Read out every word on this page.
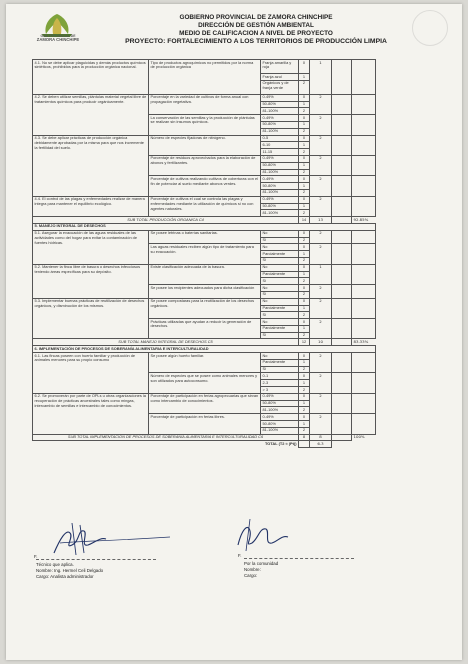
GAD PROVINCIAL DE
ZAMORA CHINCHIPE
GOBIERNO PROVINCIAL DE ZAMORA CHINCHIPE
DIRECCIÓN DE GESTIÓN AMBIENTAL
MEDIO DE CALIFICACION A NIVEL DE PROYECTO
PROYECTO: FORTALECIMIENTO A LOS TERRITORIOS DE PRODUCCIÓN LIMPIA
4.1. No se debe aplicar plaguicidas y demás productos químicos sintéticos, prohibidos para la producción orgánica nacional.	Tipo de productos agroquímicos no permitidos por la norma de producción orgánica	Franja amarilla y roja	0	1			
		Franja azul	1				
		Orgánicos y de franja verde	2				
4.2. Se deben utilizar semillas, plántulas material vegetal libre de tratamientos químicos para producir orgánicamente.	Porcentaje en la variedad de cultivos de forma anual con propagación vegetativa.	0-49%	0	2			
		50-80%	1				
		81-100%	2				
	La conservación de las semillas y la producción de plántulas se realizan sin insumos químicos.	0-49%	0	2			
		50-80%	1				
		81-100%	2				
4.3. Se debe aplicar prácticas de producción orgánica debidamente aprobadas por la misma para que nos incremente la fertilidad del suelo.	Número de especies fijadoras de nitrógeno.	0-5	0	2			
		6-10	1				
		11-15	2				
	Porcentaje de residuos aprovechados para la elaboración de abonos y fertilizantes.	0-49%	0	2			
		50-80%	1				
		81-100%	2				
	Porcentaje de cultivos realizando cultivos de coberturas con el fin de potenciar al suelo mediante abonos verdes.	0-49%	0	2			
		50-80%	1				
		81-100%	2				
4.4. El control de las plagas y enfermedades realizar de manera integra para mantener el equilibrio ecológico.	Porcentaje de cultivos el cual se controla las plagas y enfermedades mediante la utilización de químicos si no con agentes naturales.	0-49%	0	2			
		50-80%	1				
		81-100%	2				
SUB TOTAL PRODUCCIÓN ORGANICA C4			14	13		92.85%	
5. MANEJO INTEGRAL DE DESECHOS							
5.1. Asegurar la evacuación de las aguas residuales de las actividades como del hogar para evitar la contaminación de fuentes hídricas.	Se posee letrinas o baterías sanitarias.	No	0	2			
		Si	2				
	Las aguas residuales reciben algún tipo de tratamiento para su evacuación.	No	0	2			
		Parcialmente	1				
		Si	2				
5.2. Mantener la finca libre de basura o desechos infecciosos teniendo áreas específicas para su depósito.	Existe clasificación adecuada de la basura.	No	0	1			
		Parcialmente	1				
		Si	2				
	Se posee los recipientes adecuados para dicha clasificación	No	0	2			
		Si	2				
5.3. Implementar buenas prácticas de reutilización de desechos orgánicos, y disminución de los mismos.	Se posee compostaras para la reutilización de los desechos orgánicos.	No	0	2			
		Parcialmente	1				
		Si	2				
	Prácticas utilizadas que ayudan a reducir la generación de desechos.	No	0	2			
		Parcialmente	1				
		Si	2				
SUB TOTAL MANEJO INTEGRAL DE DESECHOS C5			12	10		83.33%	
6. IMPLEMENTACIÓN DE PROCESOS DE SOBERANÍA ALIMENTARIA E INTERCULTURALIDAD							
6.1. Las fincas poseen con huerto familiar y producción de animales menores para su propio consumo	Se posee algún huerto familiar.	No	0	2			
		Parcialmente	1				
		Si	2				
	Número de especies que se posee como animales menores y son utilizados para autoconsumo.	0-1	0	2			
		2-3	1				
		> 3	2				
6.2. Se promoverán por parte de OPLs u otras organizaciones la recuperación de prácticas ancestrales tales como mingas, intercambio de semillas e intercambio de conocimientos.	Porcentaje de participación en ferias agropecuarias que sirvan como intercambio de conocimientos.	0-49%	0	2			
		50-80%	1				
		81-100%	2				
	Porcentaje de participación en ferias libres.	0-49%	0	2			
		50-80%	1				
		81-100%	2				
SUB TOTAL IMPLEMENTACIÓN DE PROCESOS DE SOBERANÍA ALIMENTARIA E INTERCULTURALIDAD C6			8	8		100%	
TOTAL (T2 ≈ (Pt))				6.3			
F.
Técnico que aplica.
Nombre: Ing. Hermel Celi Delgado
Cargo: Analista administrador
F.
Por la comunidad
Nombre:
Cargo:
